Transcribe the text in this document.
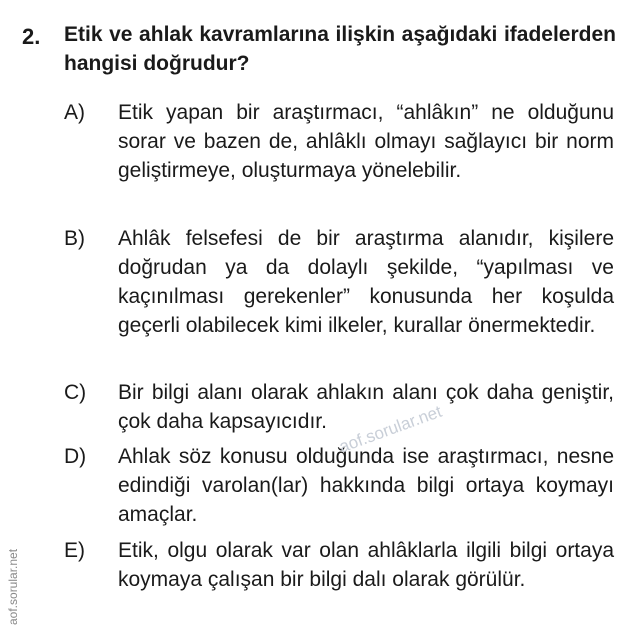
2. Etik ve ahlak kavramlarına ilişkin aşağıdaki ifadelerden hangisi doğrudur?
A) Etik yapan bir araştırmacı, “ahlâkın” ne olduğunu sorar ve bazen de, ahlâklı olmayı sağlayıcı bir norm geliştirmeye, oluşturmaya yönelebilir.
B) Ahlâk felsefesi de bir araştırma alanıdır, kişilere doğrudan ya da dolaylı şekilde, “yapılması ve kaçınılması gerekenler” konusunda her koşulda geçerli olabilecek kimi ilkeler, kurallar önermektedir.
C) Bir bilgi alanı olarak ahlakın alanı çok daha geniştir, çok daha kapsayıcıdır.
D) Ahlak söz konusu olduğunda ise araştırmacı, nesne edindiği varolan(lar) hakkında bilgi ortaya koymayı amaçlar.
E) Etik, olgu olarak var olan ahlâklarla ilgili bilgi ortaya koymaya çalışan bir bilgi dalı olarak görülür.
aof.sorular.net
aof.sorular.net
